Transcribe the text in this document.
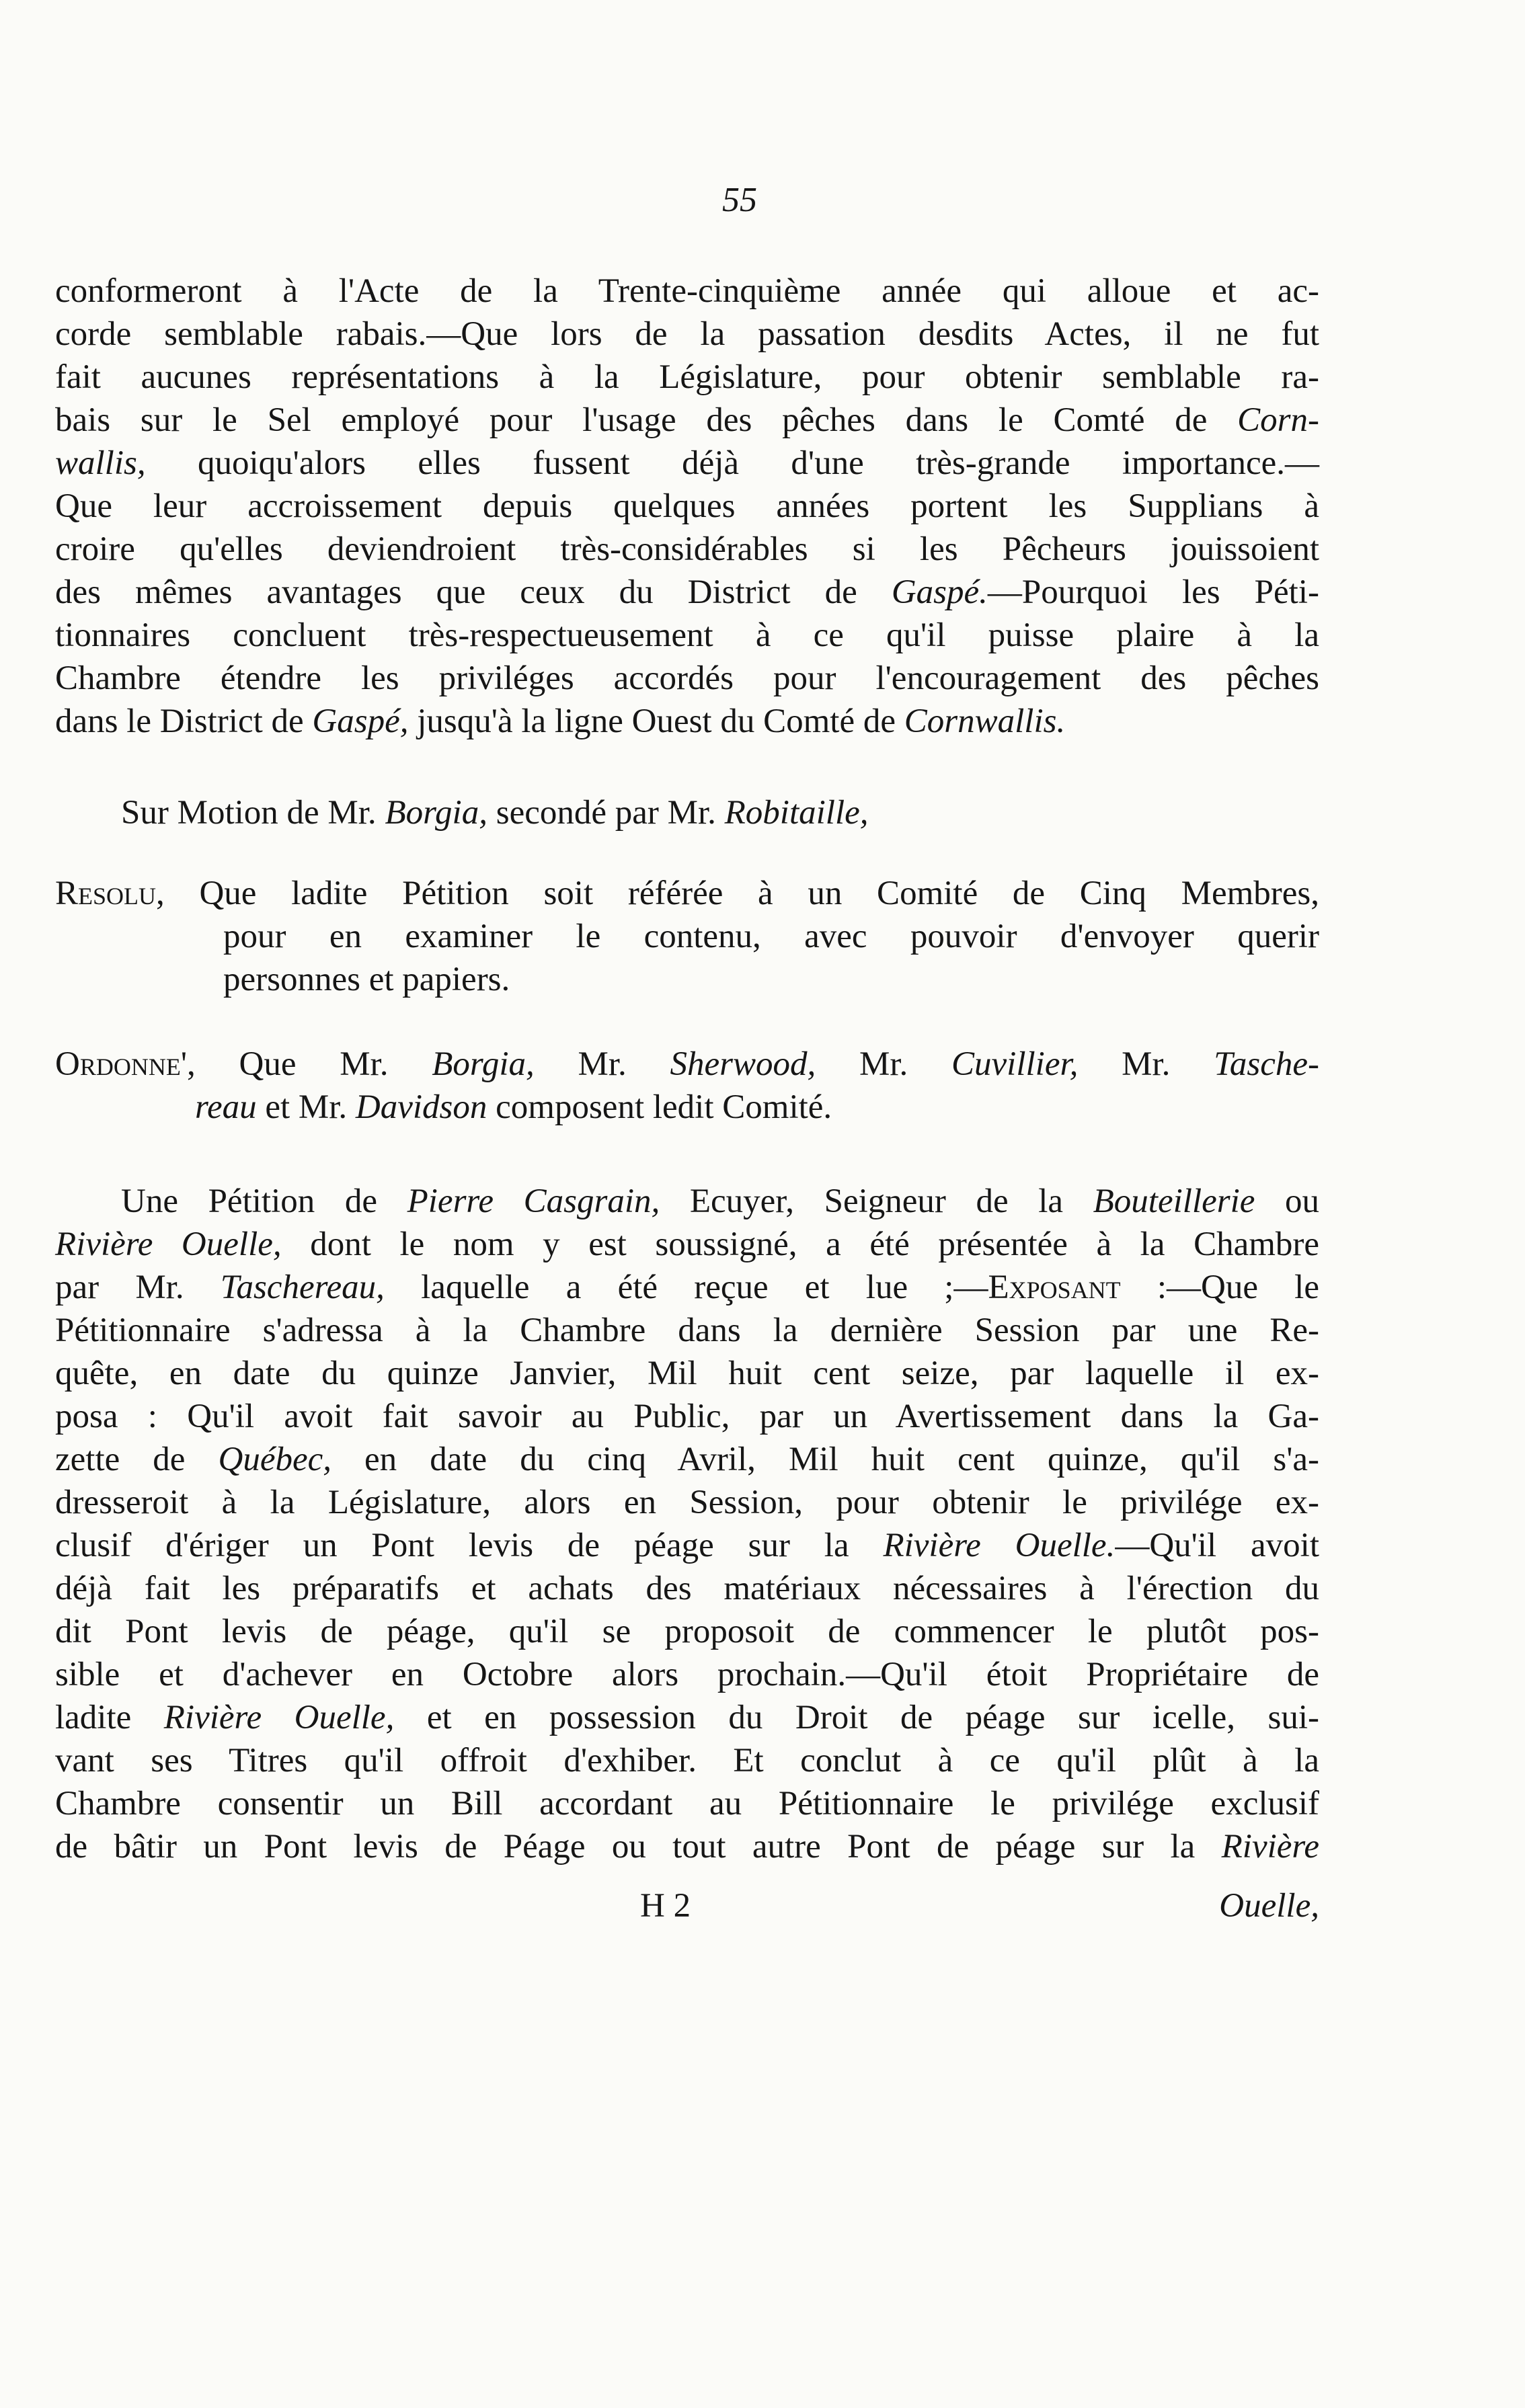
55
conformeront à l'Acte de la Trente-cinquième année qui alloue et ac-
corde semblable rabais.—Que lors de la passation desdits Actes, il ne fut
fait aucunes représentations à la Législature, pour obtenir semblable ra-
bais sur le Sel employé pour l'usage des pêches dans le Comté de Corn-
wallis, quoiqu'alors elles fussent déjà d'une très-grande importance.—
Que leur accroissement depuis quelques années portent les Supplians à
croire qu'elles deviendroient très-considérables si les Pêcheurs jouissoient
des mêmes avantages que ceux du District de Gaspé.—Pourquoi les Péti-
tionnaires concluent très-respectueusement à ce qu'il puisse plaire à la
Chambre étendre les priviléges accordés pour l'encouragement des pêches
dans le District de Gaspé, jusqu'à la ligne Ouest du Comté de Cornwallis.
Sur Motion de Mr. Borgia, secondé par Mr. Robitaille,
Resolu, Que ladite Pétition soit référée à un Comité de Cinq Membres,
pour en examiner le contenu, avec pouvoir d'envoyer querir
personnes et papiers.
Ordonne', Que Mr. Borgia, Mr. Sherwood, Mr. Cuvillier, Mr. Tasche-
reau et Mr. Davidson composent ledit Comité.
Une Pétition de Pierre Casgrain, Ecuyer, Seigneur de la Bouteillerie ou
Rivière Ouelle, dont le nom y est soussigné, a été présentée à la Chambre
par Mr. Taschereau, laquelle a été reçue et lue ;—Exposant :—Que le
Pétitionnaire s'adressa à la Chambre dans la dernière Session par une Re-
quête, en date du quinze Janvier, Mil huit cent seize, par laquelle il ex-
posa : Qu'il avoit fait savoir au Public, par un Avertissement dans la Ga-
zette de Québec, en date du cinq Avril, Mil huit cent quinze, qu'il s'a-
dresseroit à la Législature, alors en Session, pour obtenir le privilége ex-
clusif d'ériger un Pont levis de péage sur la Rivière Ouelle.—Qu'il avoit
déjà fait les préparatifs et achats des matériaux nécessaires à l'érection du
dit Pont levis de péage, qu'il se proposoit de commencer le plutôt pos-
sible et d'achever en Octobre alors prochain.—Qu'il étoit Propriétaire de
ladite Rivière Ouelle, et en possession du Droit de péage sur icelle, sui-
vant ses Titres qu'il offroit d'exhiber. Et conclut à ce qu'il plût à la
Chambre consentir un Bill accordant au Pétitionnaire le privilége exclusif
de bâtir un Pont levis de Péage ou tout autre Pont de péage sur la Rivière
H 2	Ouelle,
